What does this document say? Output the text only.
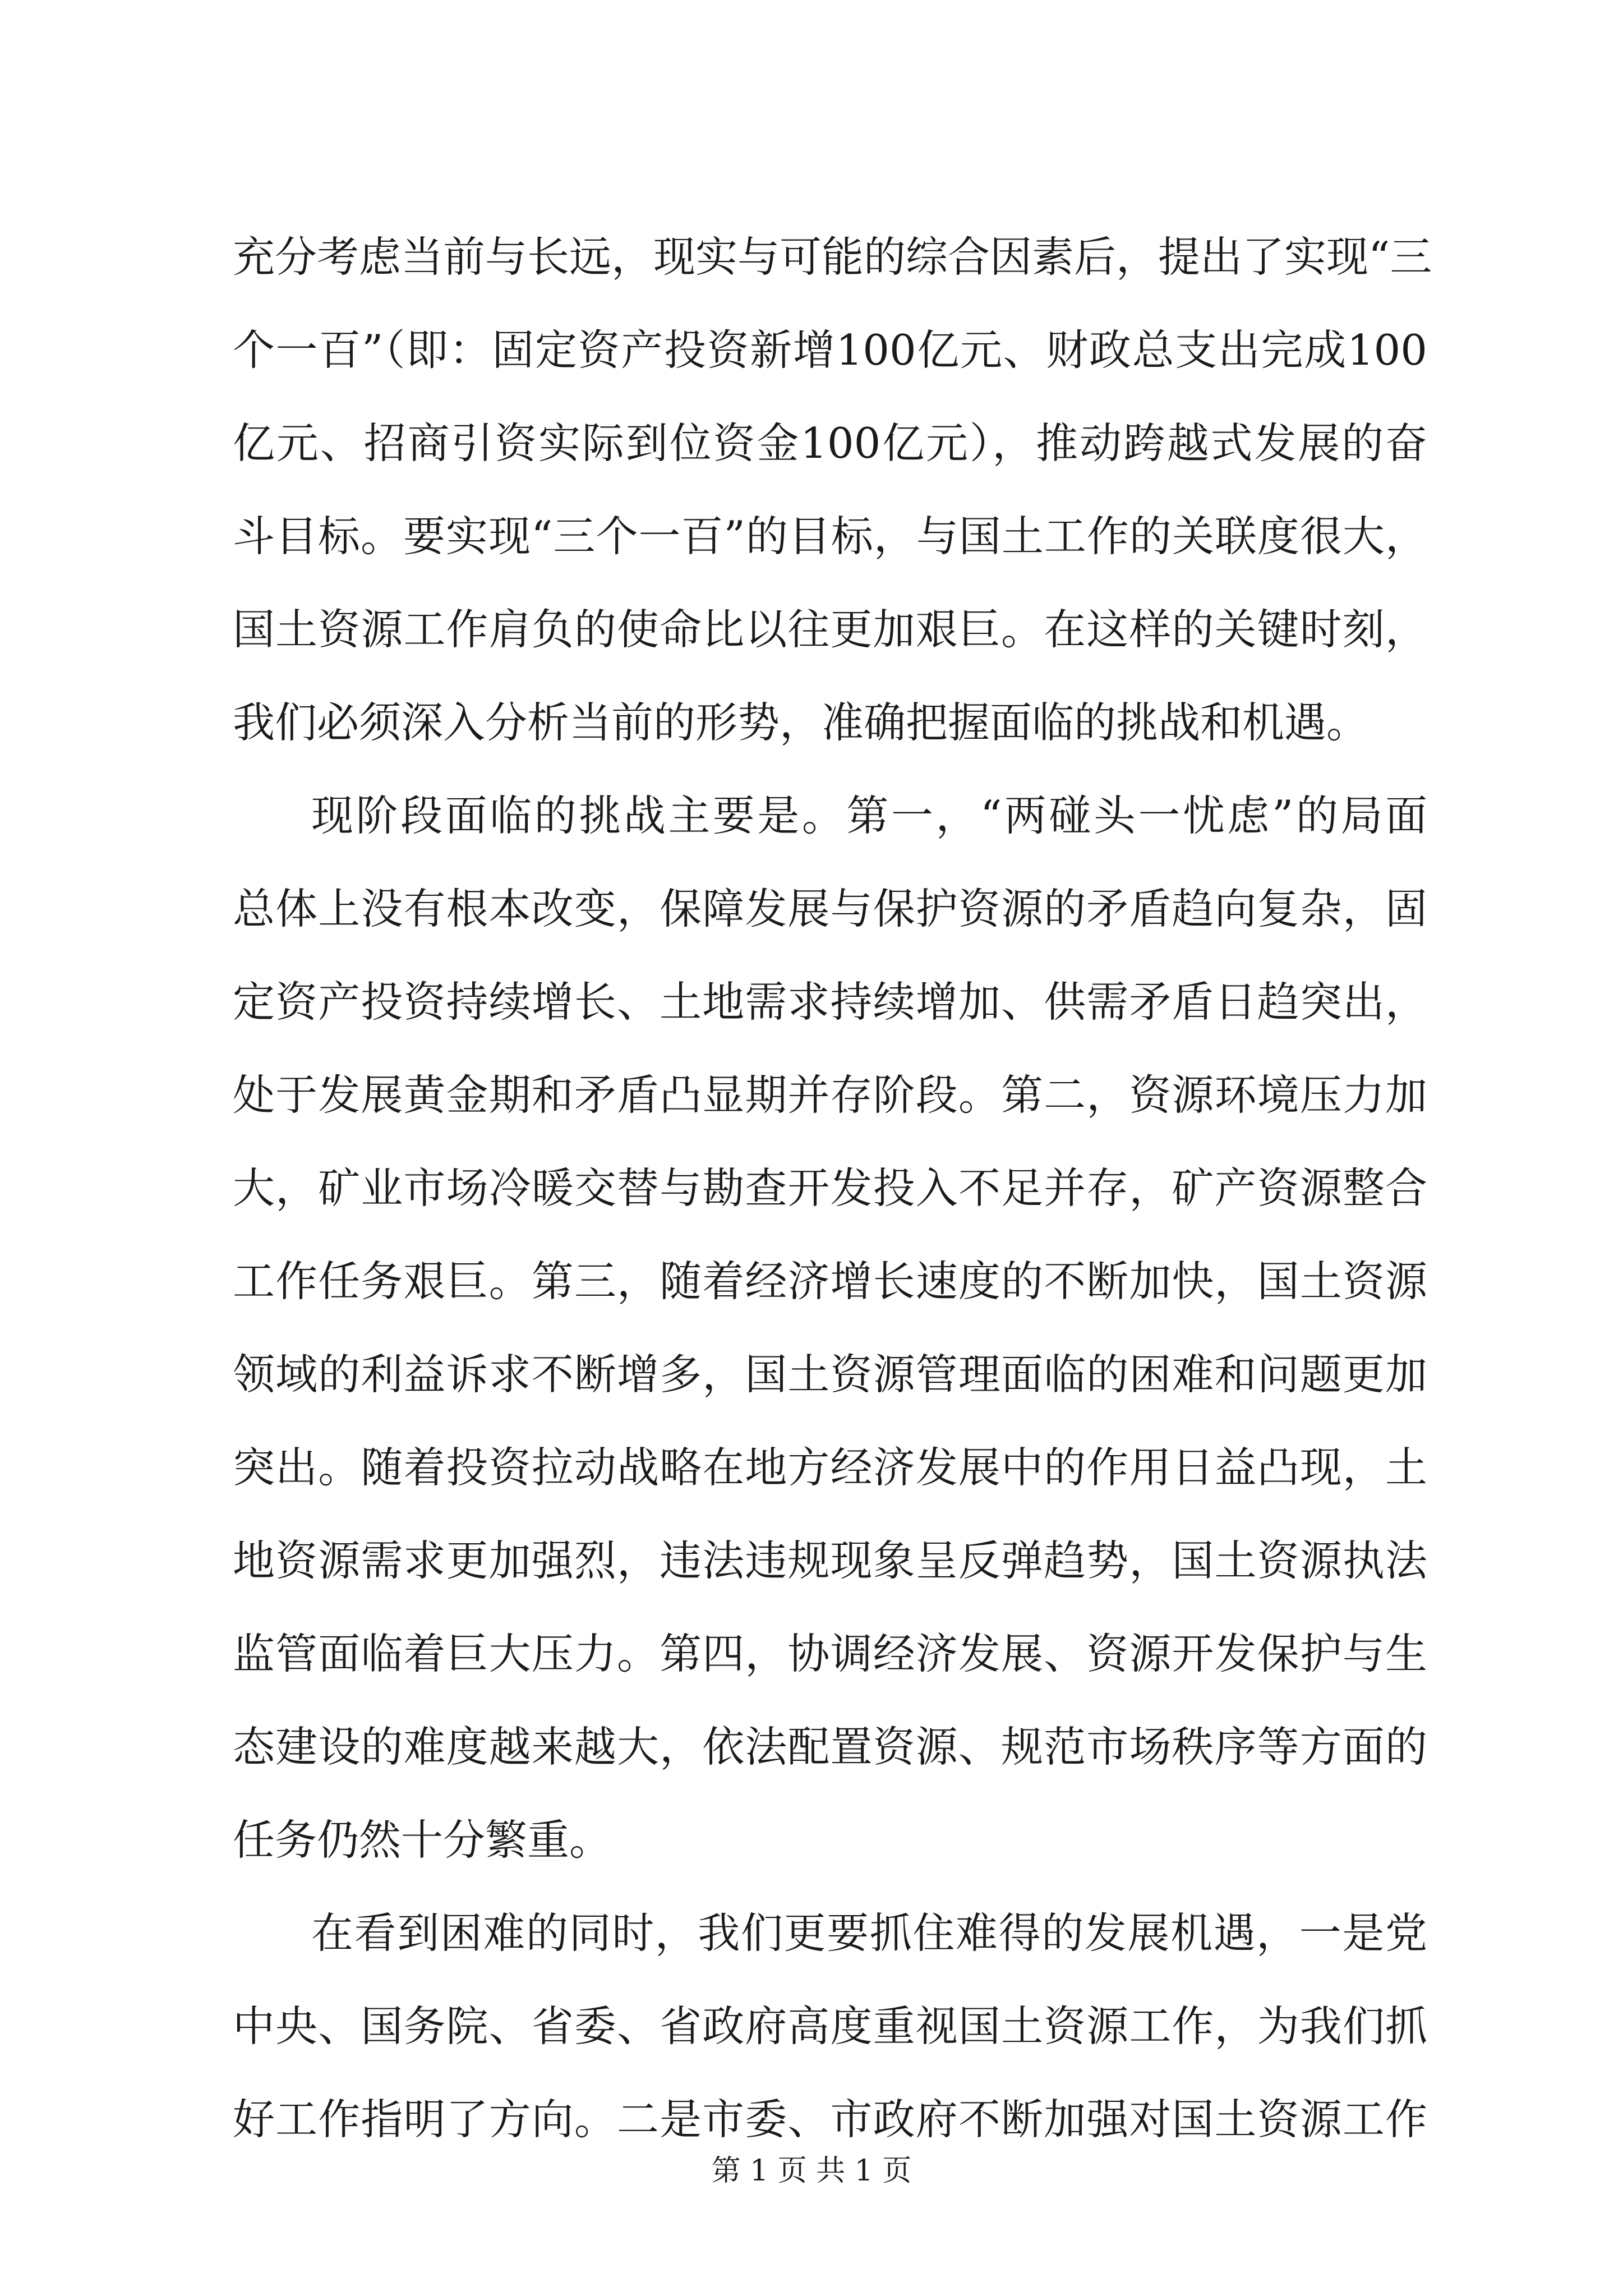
充分考虑当前与长远，现实与可能的综合因素后，提出了实现“三
个一百”（即：固定资产投资新增100亿元、财政总支出完成100
亿元、招商引资实际到位资金100亿元），推动跨越式发展的奋
斗目标。要实现“三个一百”的目标，与国土工作的关联度很大，
国土资源工作肩负的使命比以往更加艰巨。在这样的关键时刻，
我们必须深入分析当前的形势，准确把握面临的挑战和机遇。
现阶段面临的挑战主要是。第一，“两碰头一忧虑”的局面
总体上没有根本改变，保障发展与保护资源的矛盾趋向复杂，固
定资产投资持续增长、土地需求持续增加、供需矛盾日趋突出，
处于发展黄金期和矛盾凸显期并存阶段。第二，资源环境压力加
大，矿业市场冷暖交替与勘查开发投入不足并存，矿产资源整合
工作任务艰巨。第三，随着经济增长速度的不断加快，国土资源
领域的利益诉求不断增多，国土资源管理面临的困难和问题更加
突出。随着投资拉动战略在地方经济发展中的作用日益凸现，土
地资源需求更加强烈，违法违规现象呈反弹趋势，国土资源执法
监管面临着巨大压力。第四，协调经济发展、资源开发保护与生
态建设的难度越来越大，依法配置资源、规范市场秩序等方面的
任务仍然十分繁重。
在看到困难的同时，我们更要抓住难得的发展机遇，一是党
中央、国务院、省委、省政府高度重视国土资源工作，为我们抓
好工作指明了方向。二是市委、市政府不断加强对国土资源工作
第 1 页 共 1 页
